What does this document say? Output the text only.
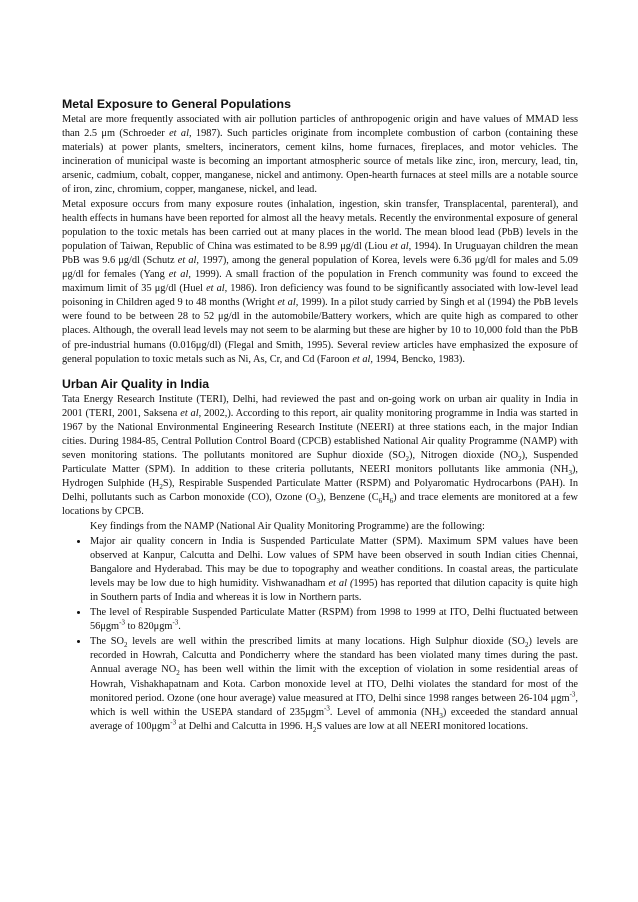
Metal Exposure to General Populations

Metal are more frequently associated with air pollution particles of anthropogenic origin and have values of MMAD less than 2.5 μm (Schroeder et al, 1987). Such particles originate from incomplete combustion of carbon (containing these materials) at power plants, smelters, incinerators, cement kilns, home furnaces, fireplaces, and motor vehicles. The incineration of municipal waste is becoming an important atmospheric source of metals like zinc, iron, mercury, lead, tin, arsenic, cadmium, cobalt, copper, manganese, nickel and antimony. Open-hearth furnaces at steel mills are a notable source of iron, zinc, chromium, copper, manganese, nickel, and lead.

Metal exposure occurs from many exposure routes (inhalation, ingestion, skin transfer, Transplacental, parenteral), and health effects in humans have been reported for almost all the heavy metals. Recently the environmental exposure of general population to the toxic metals has been carried out at many places in the world. The mean blood lead (PbB) levels in the population of Taiwan, Republic of China was estimated to be 8.99 μg/dl (Liou et al, 1994). In Uruguayan children the mean PbB was 9.6 μg/dl (Schutz et al, 1997), among the general population of Korea, levels were 6.36 μg/dl for males and 5.09 μg/dl for females (Yang et al, 1999). A small fraction of the population in French community was found to exceed the maximum limit of 35 μg/dl (Huel et al, 1986). Iron deficiency was found to be significantly associated with low-level lead poisoning in Children aged 9 to 48 months (Wright et al, 1999). In a pilot study carried by Singh et al (1994) the PbB levels were found to be between 28 to 52 μg/dl in the automobile/Battery workers, which are quite high as compared to other places. Although, the overall lead levels may not seem to be alarming but these are higher by 10 to 10,000 fold than the PbB of pre-industrial humans (0.016μg/dl) (Flegal and Smith, 1995). Several review articles have emphasized the exposure of general population to toxic metals such as Ni, As, Cr, and Cd (Faroon et al, 1994, Bencko, 1983).

Urban Air Quality in India

Tata Energy Research Institute (TERI), Delhi, had reviewed the past and on-going work on urban air quality in India in 2001 (TERI, 2001, Saksena et al, 2002,). According to this report, air quality monitoring programme in India was started in 1967 by the National Environmental Engineering Research Institute (NEERI) at three stations each, in the major Indian cities. During 1984-85, Central Pollution Control Board (CPCB) established National Air quality Programme (NAMP) with seven monitoring stations. The pollutants monitored are Suphur dioxide $(SO_2)$, Nitrogen dioxide $(NO_2)$, Suspended Particulate Matter (SPM). In addition to these criteria pollutants, NEERI monitors pollutants like ammonia $(NH_3)$, Hydrogen Sulphide $(H_2S)$, Respirable Suspended Particulate Matter (RSPM) and Polyaromatic Hydrocarbons (PAH). In Delhi, pollutants such as Carbon monoxide (CO), Ozone $(O_3)$, Benzene $(C_6H_6)$ and trace elements are monitored at a few locations by CPCB.

Key findings from the NAMP (National Air Quality Monitoring Programme) are the following:

• Major air quality concern in India is Suspended Particulate Matter (SPM). Maximum SPM values have been observed at Kanpur, Calcutta and Delhi. Low values of SPM have been observed in south Indian cities Chennai, Bangalore and Hyderabad. This may be due to topography and weather conditions. In coastal areas, the particulate levels may be low due to high humidity. Vishwanadham et al (1995) has reported that dilution capacity is quite high in Southern parts of India and whereas it is low in Northern parts.
• The level of Respirable Suspended Particulate Matter (RSPM) from 1998 to 1999 at ITO, Delhi fluctuated between 56μgm$^{-3}$ to 820μgm$^{-3}$.
• The $SO_2$ levels are well within the prescribed limits at many locations. High Sulphur dioxide $(SO_2)$ levels are recorded in Howrah, Calcutta and Pondicherry where the standard has been violated many times during the past. Annual average $NO_2$ has been well within the limit with the exception of violation in some residential areas of Howrah, Vishakhapatnam and Kota. Carbon monoxide level at ITO, Delhi violates the standard for most of the monitored period. Ozone (one hour average) value measured at ITO, Delhi since 1998 ranges between 26-104 μgm$^{-3}$, which is well within the USEPA standard of 235μgm$^{-3}$. Level of ammonia $(NH_3)$ exceeded the standard annual average of 100μgm$^{-3}$ at Delhi and Calcutta in 1996. $H_2S$ values are low at all NEERI monitored locations.
